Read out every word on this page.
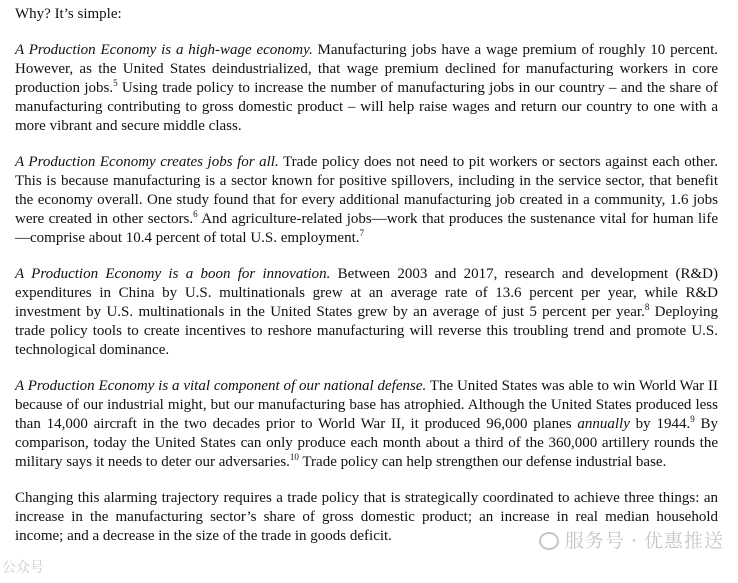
Why? It’s simple:

A Production Economy is a high-wage economy. Manufacturing jobs have a wage premium of roughly 10 percent. However, as the United States deindustrialized, that wage premium declined for manufacturing workers in core production jobs.$^5$ Using trade policy to increase the number of manufacturing jobs in our country – and the share of manufacturing contributing to gross domestic product – will help raise wages and return our country to one with a more vibrant and secure middle class.

A Production Economy creates jobs for all. Trade policy does not need to pit workers or sectors against each other. This is because manufacturing is a sector known for positive spillovers, including in the service sector, that benefit the economy overall. One study found that for every additional manufacturing job created in a community, 1.6 jobs were created in other sectors.$^6$ And agriculture-related jobs—work that produces the sustenance vital for human life—comprise about 10.4 percent of total U.S. employment.$^7$

A Production Economy is a boon for innovation. Between 2003 and 2017, research and development (R&D) expenditures in China by U.S. multinationals grew at an average rate of 13.6 percent per year, while R&D investment by U.S. multinationals in the United States grew by an average of just 5 percent per year.$^8$ Deploying trade policy tools to create incentives to reshore manufacturing will reverse this troubling trend and promote U.S. technological dominance.

A Production Economy is a vital component of our national defense. The United States was able to win World War II because of our industrial might, but our manufacturing base has atrophied. Although the United States produced less than 14,000 aircraft in the two decades prior to World War II, it produced 96,000 planes annually by 1944.$^9$ By comparison, today the United States can only produce each month about a third of the 360,000 artillery rounds the military says it needs to deter our adversaries.$^{10}$ Trade policy can help strengthen our defense industrial base.

Changing this alarming trajectory requires a trade policy that is strategically coordinated to achieve three things: an increase in the manufacturing sector’s share of gross domestic product; an increase in real median household income; and a decrease in the size of the trade in goods deficit.	服务号 · 优惠推送
公众号
